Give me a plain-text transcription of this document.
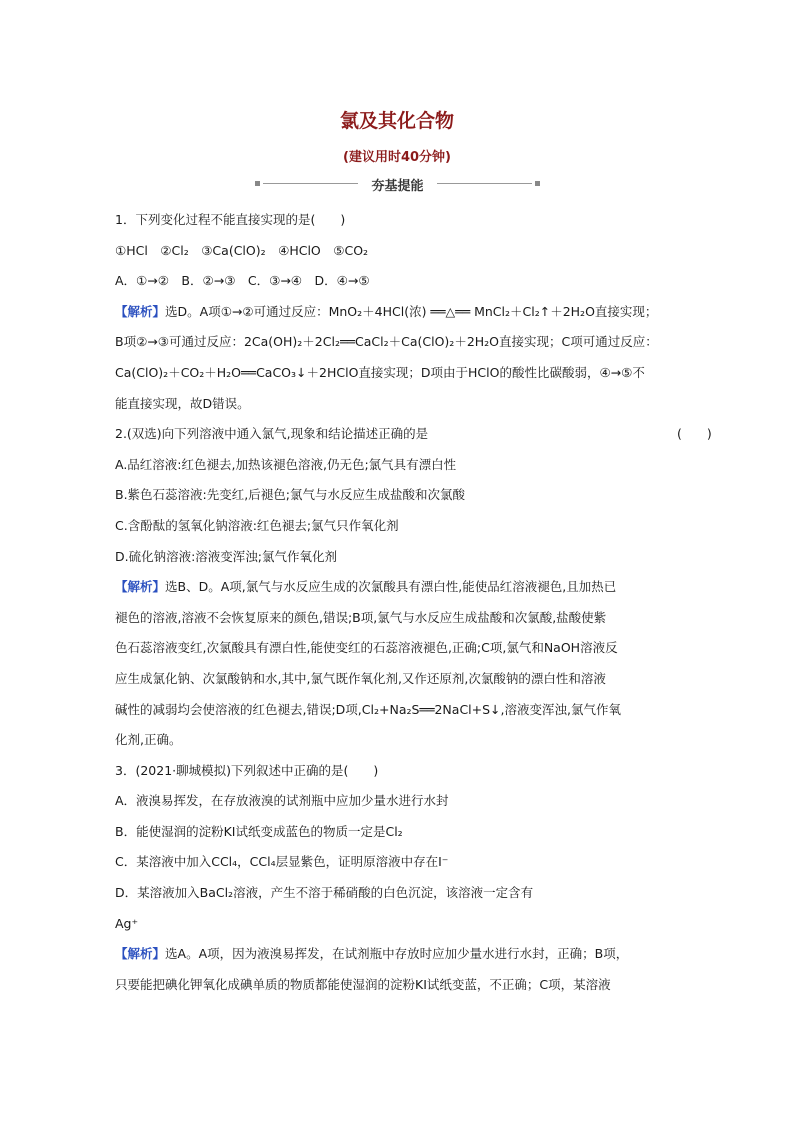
氯及其化合物
(建议用时40分钟)
夯基提能
1．下列变化过程不能直接实现的是(　　)
①HCl　②Cl₂　③Ca(ClO)₂　④HClO　⑤CO₂
A．①→②　B．②→③　C．③→④　D．④→⑤
【解析】选D。A项①→②可通过反应：MnO₂＋4HCl(浓) ══△══ MnCl₂＋Cl₂↑＋2H₂O直接实现；
B项②→③可通过反应：2Ca(OH)₂＋2Cl₂══CaCl₂＋Ca(ClO)₂＋2H₂O直接实现；C项可通过反应：
Ca(ClO)₂＋CO₂＋H₂O══CaCO₃↓＋2HClO直接实现；D项由于HClO的酸性比碳酸弱，④→⑤不
能直接实现，故D错误。
2.(双选)向下列溶液中通入氯气,现象和结论描述正确的是	(　　)
A.品红溶液:红色褪去,加热该褪色溶液,仍无色;氯气具有漂白性
B.紫色石蕊溶液:先变红,后褪色;氯气与水反应生成盐酸和次氯酸
C.含酚酞的氢氧化钠溶液:红色褪去;氯气只作氧化剂
D.硫化钠溶液:溶液变浑浊;氯气作氧化剂
【解析】选B、D。A项,氯气与水反应生成的次氯酸具有漂白性,能使品红溶液褪色,且加热已
褪色的溶液,溶液不会恢复原来的颜色,错误;B项,氯气与水反应生成盐酸和次氯酸,盐酸使紫
色石蕊溶液变红,次氯酸具有漂白性,能使变红的石蕊溶液褪色,正确;C项,氯气和NaOH溶液反
应生成氯化钠、次氯酸钠和水,其中,氯气既作氧化剂,又作还原剂,次氯酸钠的漂白性和溶液
碱性的减弱均会使溶液的红色褪去,错误;D项,Cl₂+Na₂S══2NaCl+S↓,溶液变浑浊,氯气作氧
化剂,正确。
3．(2021·聊城模拟)下列叙述中正确的是(　　)
A．液溴易挥发，在存放液溴的试剂瓶中应加少量水进行水封
B．能使湿润的淀粉KI试纸变成蓝色的物质一定是Cl₂
C．某溶液中加入CCl₄，CCl₄层显紫色，证明原溶液中存在I⁻
D．某溶液加入BaCl₂溶液，产生不溶于稀硝酸的白色沉淀，该溶液一定含有
Ag⁺
【解析】选A。A项，因为液溴易挥发，在试剂瓶中存放时应加少量水进行水封，正确；B项，
只要能把碘化钾氧化成碘单质的物质都能使湿润的淀粉KI试纸变蓝，不正确；C项，某溶液
